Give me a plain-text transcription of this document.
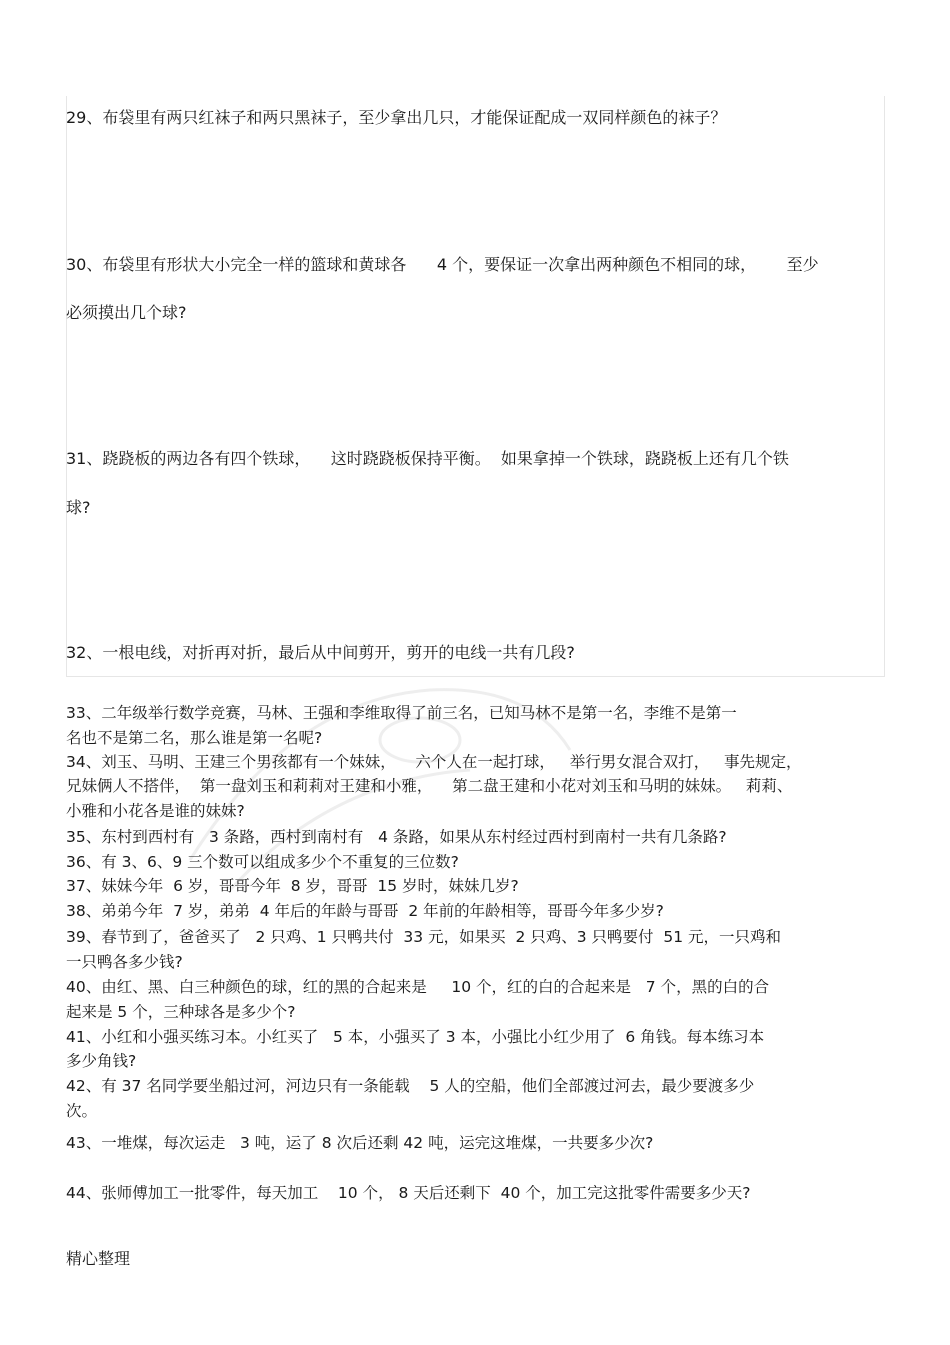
29、布袋里有两只红袜子和两只黑袜子，至少拿出几只，才能保证配成一双同样颜色的袜子？
30、布袋里有形状大小完全一样的篮球和黄球各      4 个，要保证一次拿出两种颜色不相同的球，      至少
必须摸出几个球?
31、跷跷板的两边各有四个铁球，    这时跷跷板保持平衡。  如果拿掉一个铁球，跷跷板上还有几个铁
球?
32、一根电线，对折再对折，最后从中间剪开，剪开的电线一共有几段?
33、二年级举行数学竞赛，马林、王强和李维取得了前三名，已知马林不是第一名，李维不是第一
名也不是第二名，那么谁是第一名呢?
34、刘玉、马明、王建三个男孩都有一个妹妹，    六个人在一起打球，   举行男女混合双打，   事先规定，
兄妹俩人不搭伴，  第一盘刘玉和莉莉对王建和小雅，    第二盘王建和小花对刘玉和马明的妹妹。   莉莉、
小雅和小花各是谁的妹妹?
35、东村到西村有   3 条路，西村到南村有   4 条路，如果从东村经过西村到南村一共有几条路?
36、有 3、6、9 三个数可以组成多少个不重复的三位数?
37、妹妹今年  6 岁，哥哥今年  8 岁，哥哥  15 岁时，妹妹几岁?
38、弟弟今年  7 岁，弟弟  4 年后的年龄与哥哥  2 年前的年龄相等，哥哥今年多少岁?
39、春节到了，爸爸买了   2 只鸡、1 只鸭共付  33 元，如果买  2 只鸡、3 只鸭要付  51 元，一只鸡和
一只鸭各多少钱?
40、由红、黑、白三种颜色的球，红的黑的合起来是     10 个，红的白的合起来是   7 个，黑的白的合
起来是 5 个，三种球各是多少个?
41、小红和小强买练习本。小红买了   5 本，小强买了 3 本，小强比小红少用了  6 角钱。每本练习本
多少角钱?
42、有 37 名同学要坐船过河，河边只有一条能载    5 人的空船，他们全部渡过河去，最少要渡多少
次。
43、一堆煤，每次运走   3 吨，运了 8 次后还剩 42 吨，运完这堆煤，一共要多少次?
44、张师傅加工一批零件，每天加工    10 个， 8 天后还剩下  40 个，加工完这批零件需要多少天?
精心整理
